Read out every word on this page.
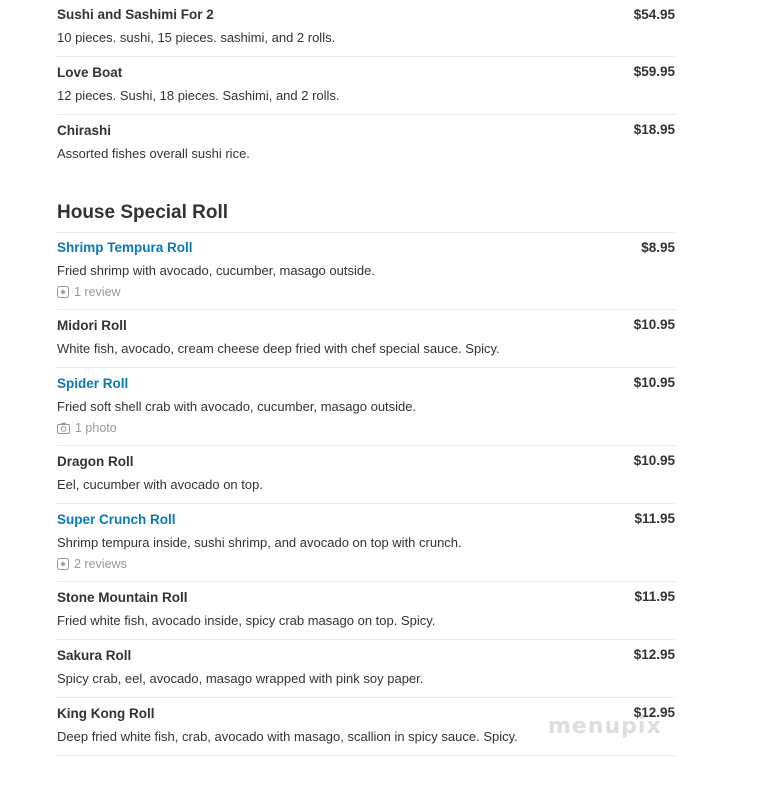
Sushi and Sashimi For 2	$54.95
10 pieces. sushi, 15 pieces. sashimi, and 2 rolls.
Love Boat	$59.95
12 pieces. Sushi, 18 pieces. Sashimi, and 2 rolls.
Chirashi	$18.95
Assorted fishes overall sushi rice.
House Special Roll
Shrimp Tempura Roll	$8.95
Fried shrimp with avocado, cucumber, masago outside.
1 review
Midori Roll	$10.95
White fish, avocado, cream cheese deep fried with chef special sauce. Spicy.
Spider Roll	$10.95
Fried soft shell crab with avocado, cucumber, masago outside.
1 photo
Dragon Roll	$10.95
Eel, cucumber with avocado on top.
Super Crunch Roll	$11.95
Shrimp tempura inside, sushi shrimp, and avocado on top with crunch.
2 reviews
Stone Mountain Roll	$11.95
Fried white fish, avocado inside, spicy crab masago on top. Spicy.
Sakura Roll	$12.95
Spicy crab, eel, avocado, masago wrapped with pink soy paper.
King Kong Roll	$12.95
Deep fried white fish, crab, avocado with masago, scallion in spicy sauce. Spicy.	menupix
